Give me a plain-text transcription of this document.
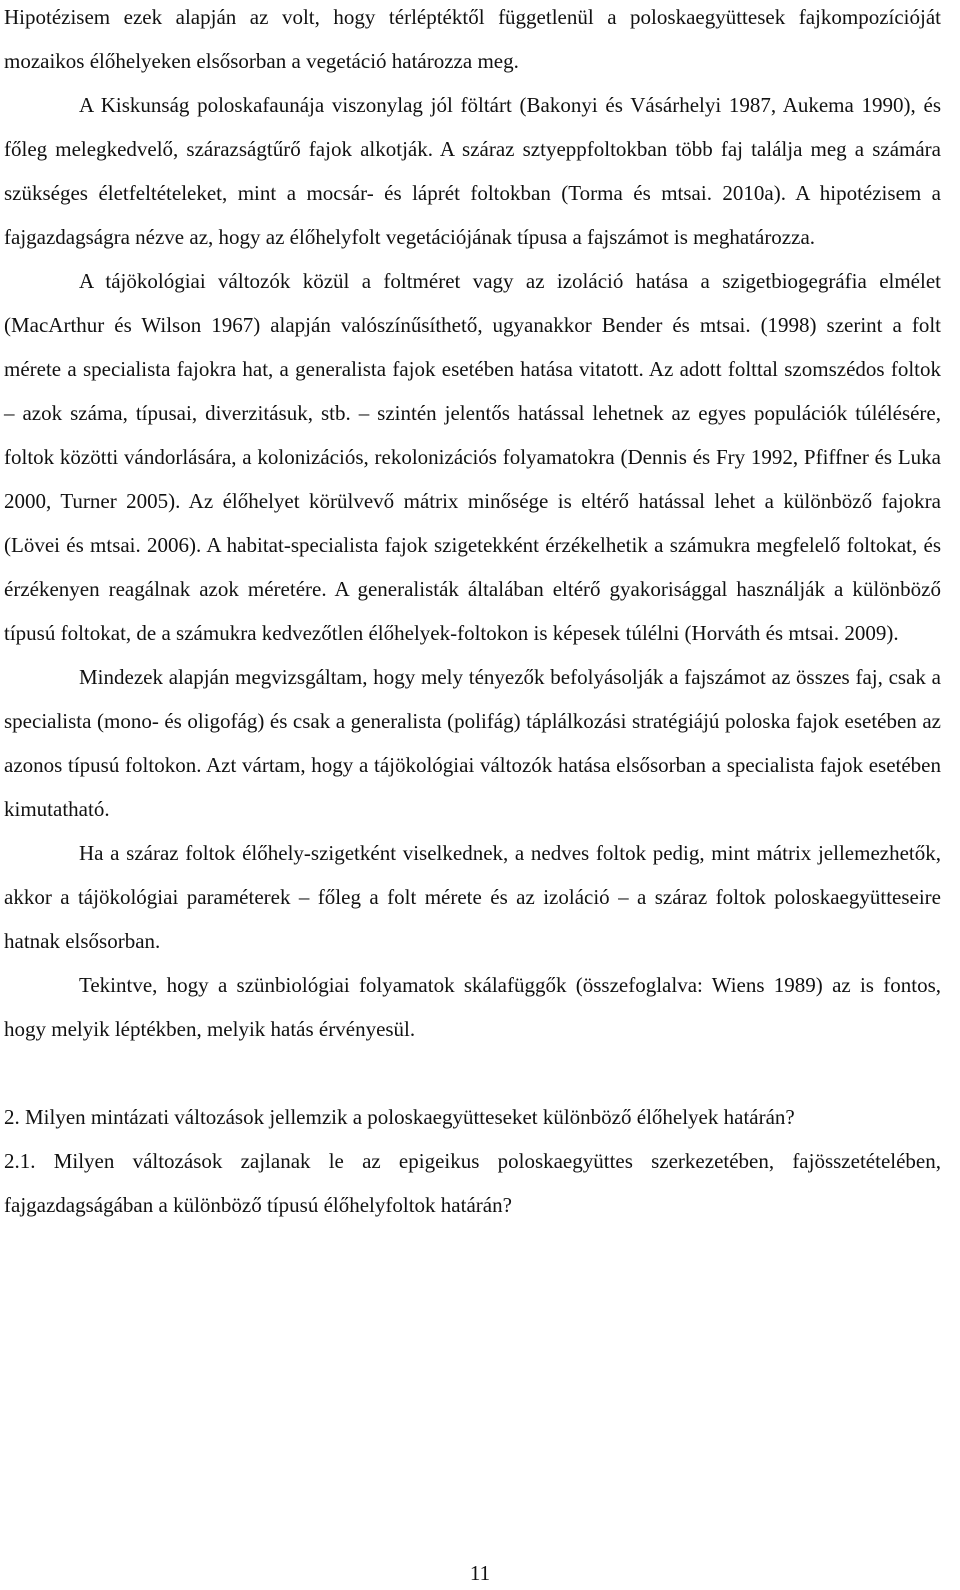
Hipotézisem ezek alapján az volt, hogy térléptéktől függetlenül a poloskaegyüttesek fajkompozícióját mozaikos élőhelyeken elsősorban a vegetáció határozza meg.

A Kiskunság poloskafaunája viszonylag jól föltárt (Bakonyi és Vásárhelyi 1987, Aukema 1990), és főleg melegkedvelő, szárazságtűrő fajok alkotják. A száraz sztyeppfoltokban több faj találja meg a számára szükséges életfeltételeket, mint a mocsár- és láprét foltokban (Torma és mtsai. 2010a). A hipotézisem a fajgazdagságra nézve az, hogy az élőhelyfolt vegetációjának típusa a fajszámot is meghatározza.

A tájökológiai változók közül a foltméret vagy az izoláció hatása a szigetbiogegráfia elmélet (MacArthur és Wilson 1967) alapján valószínűsíthető, ugyanakkor Bender és mtsai. (1998) szerint a folt mérete a specialista fajokra hat, a generalista fajok esetében hatása vitatott. Az adott folttal szomszédos foltok – azok száma, típusai, diverzitásuk, stb. – szintén jelentős hatással lehetnek az egyes populációk túlélésére, foltok közötti vándorlására, a kolonizációs, rekolonizációs folyamatokra (Dennis és Fry 1992, Pfiffner és Luka 2000, Turner 2005). Az élőhelyet körülvevő mátrix minősége is eltérő hatással lehet a különböző fajokra (Lövei és mtsai. 2006). A habitat-specialista fajok szigetekként érzékelhetik a számukra megfelelő foltokat, és érzékenyen reagálnak azok méretére. A generalisták általában eltérő gyakorisággal használják a különböző típusú foltokat, de a számukra kedvezőtlen élőhelyek-foltokon is képesek túlélni (Horváth és mtsai. 2009).

Mindezek alapján megvizsgáltam, hogy mely tényezők befolyásolják a fajszámot az összes faj, csak a specialista (mono- és oligofág) és csak a generalista (polifág) táplálkozási stratégiájú poloska fajok esetében az azonos típusú foltokon. Azt vártam, hogy a tájökológiai változók hatása elsősorban a specialista fajok esetében kimutatható.

Ha a száraz foltok élőhely-szigetként viselkednek, a nedves foltok pedig, mint mátrix jellemezhetők, akkor a tájökológiai paraméterek – főleg a folt mérete és az izoláció – a száraz foltok poloskaegyütteseire hatnak elsősorban.

Tekintve, hogy a szünbiológiai folyamatok skálafüggők (összefoglalva: Wiens 1989) az is fontos, hogy melyik léptékben, melyik hatás érvényesül.

2. Milyen mintázati változások jellemzik a poloskaegyütteseket különböző élőhelyek határán?

2.1. Milyen változások zajlanak le az epigeikus poloskaegyüttes szerkezetében, fajösszetételében, fajgazdagságában a különböző típusú élőhelyfoltok határán?

11
